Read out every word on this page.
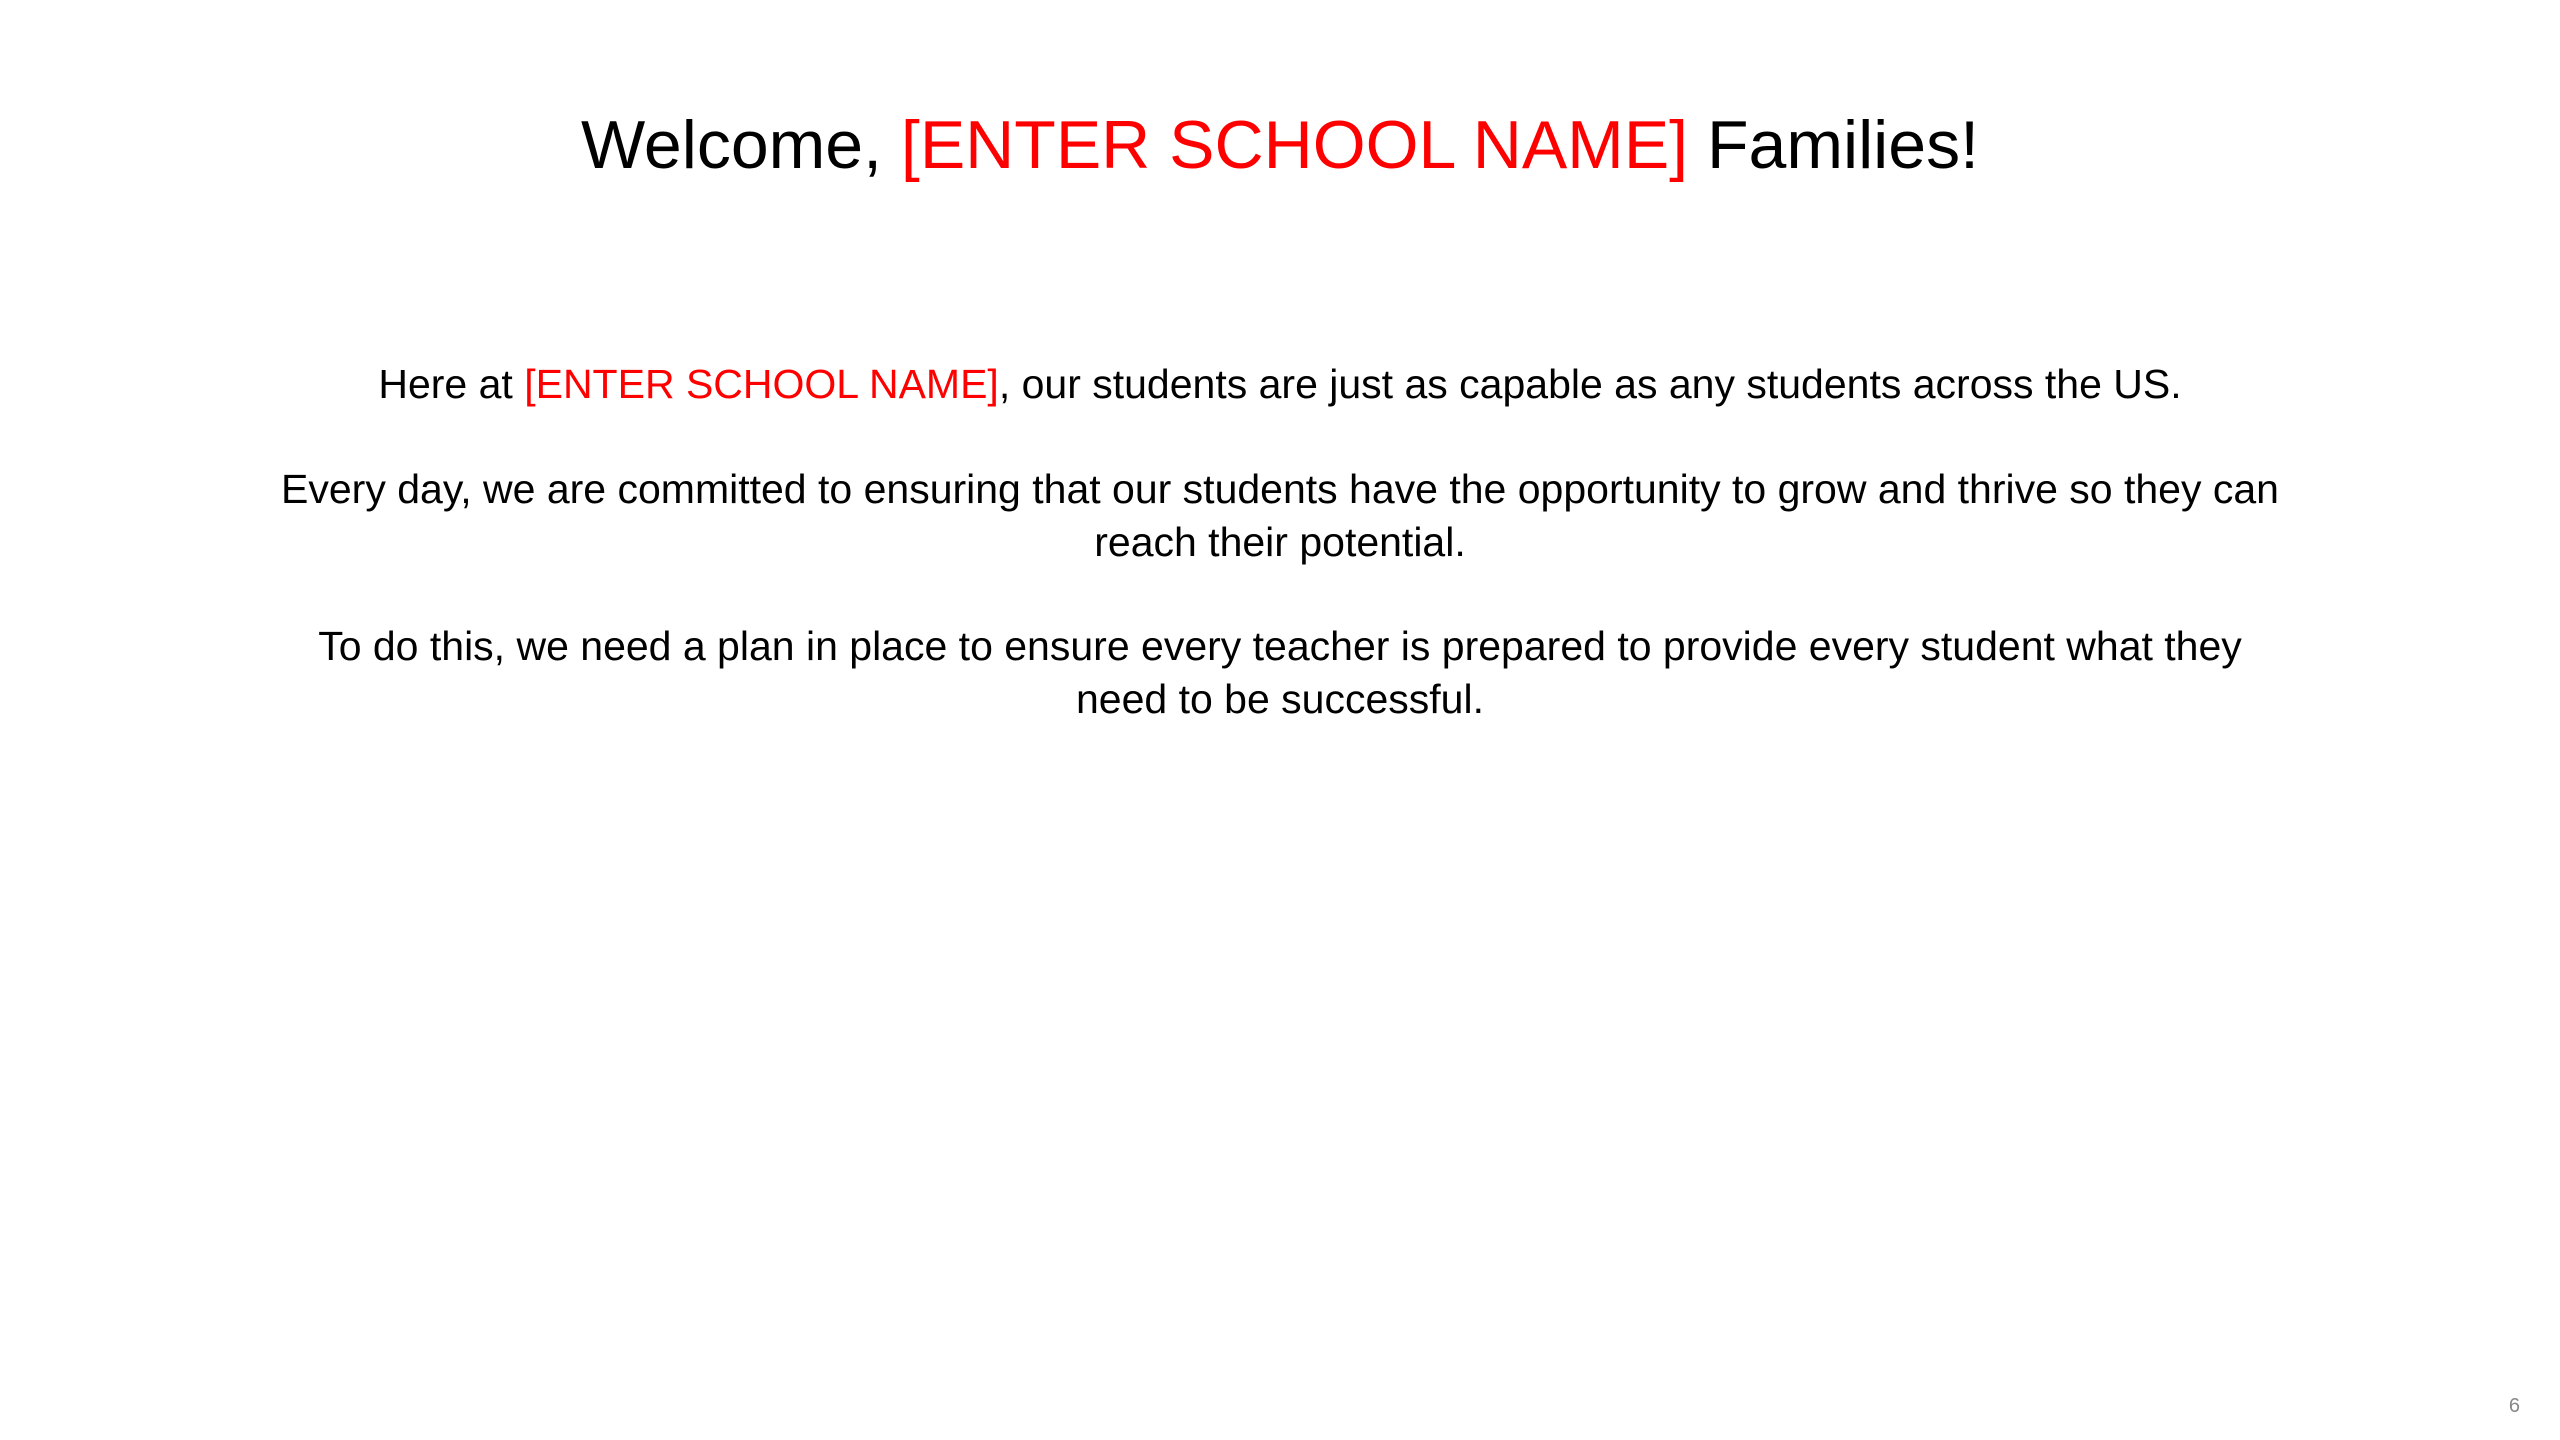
Welcome, [ENTER SCHOOL NAME] Families!
Here at [ENTER SCHOOL NAME], our students are just as capable as any students across the US.
Every day, we are committed to ensuring that our students have the opportunity to grow and thrive so they can reach their potential.
To do this, we need a plan in place to ensure every teacher is prepared to provide every student what they need to be successful.
6
